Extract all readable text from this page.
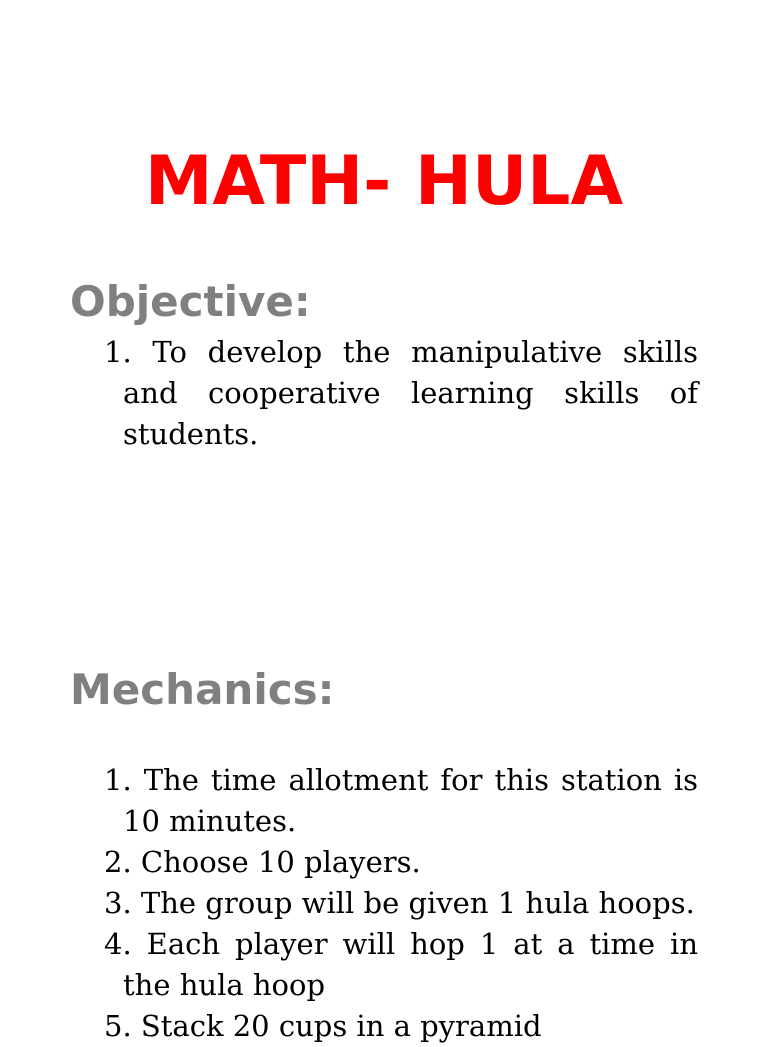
MATH- HULA
Objective:
1. To develop the manipulative skills and cooperative learning skills of students.
Mechanics:
1. The time allotment for this station is 10 minutes.
2. Choose 10 players.
3. The group will be given 1 hula hoops.
4. Each player will hop 1 at a time in the hula hoop
5. Stack 20 cups in a pyramid
